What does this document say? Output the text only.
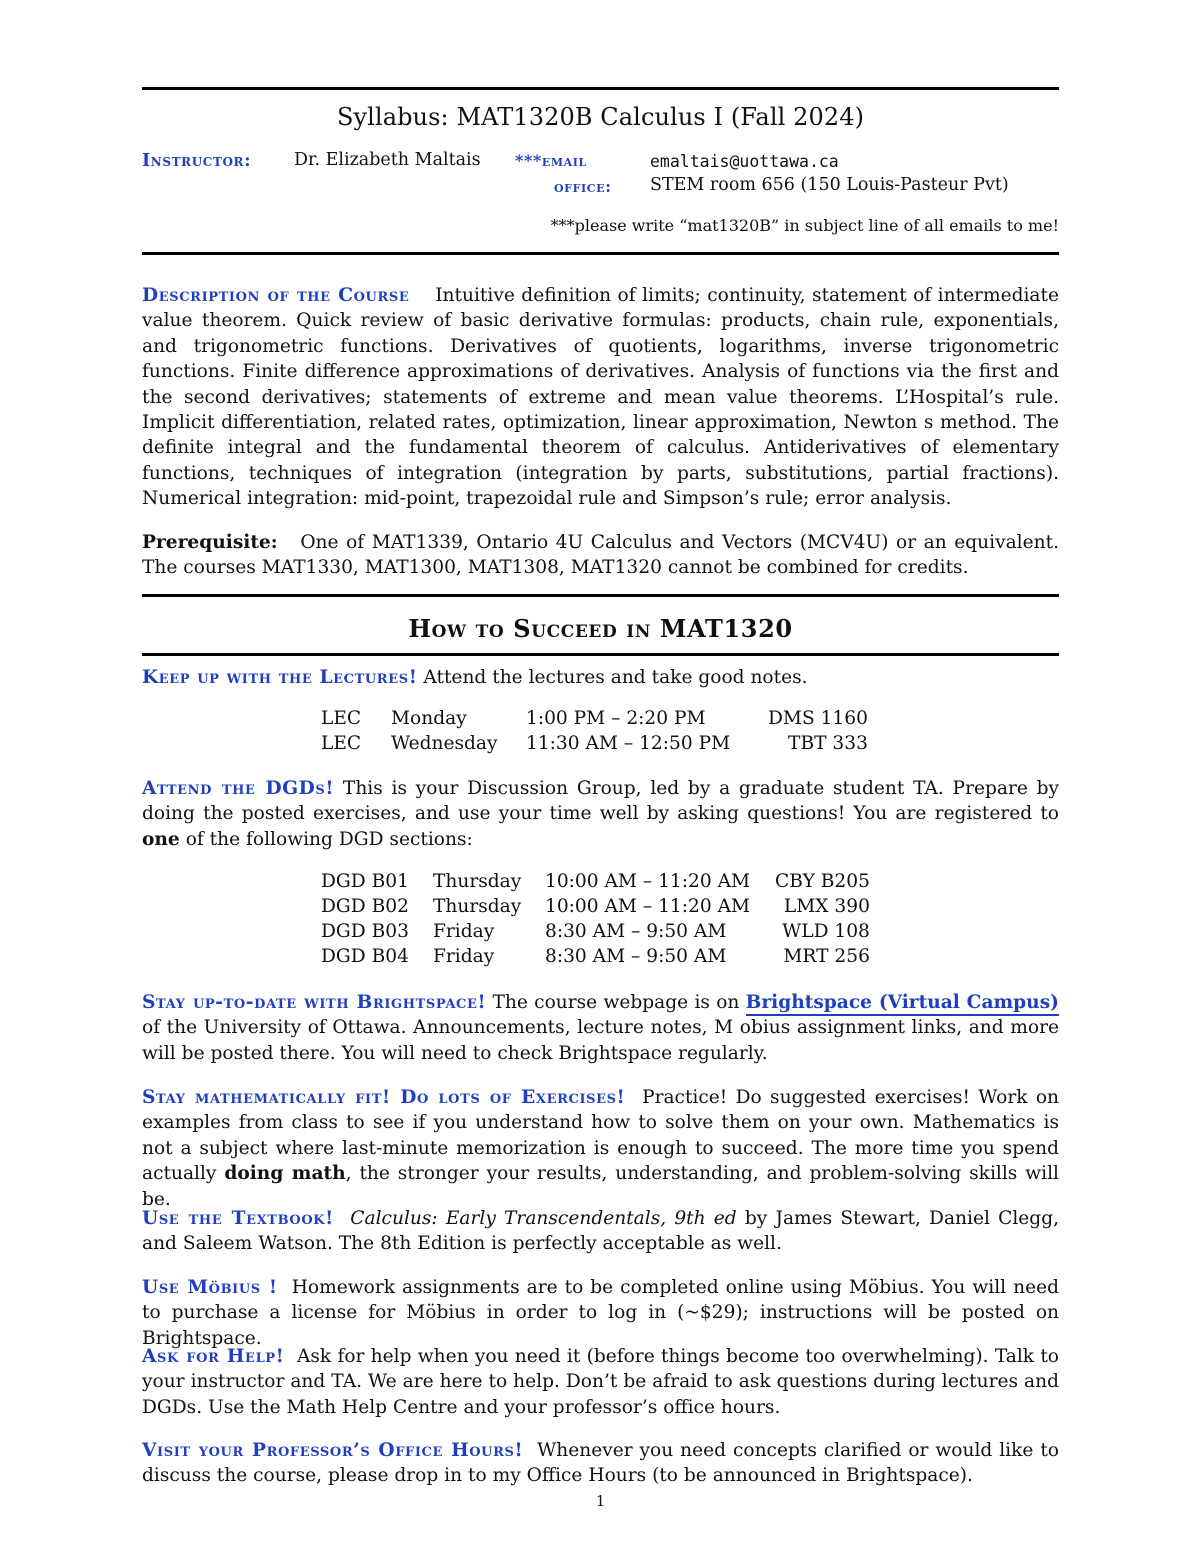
Syllabus: MAT1320B Calculus I (Fall 2024)
Instructor: Dr. Elizabeth Maltais ***email	emaltais@uottawa.ca
office: STEM room 656 (150 Louis-Pasteur Pvt)
***please write “mat1320B” in subject line of all emails to me!
Description of the Course Intuitive definition of limits; continuity, statement of intermediate value theorem. Quick review of basic derivative formulas: products, chain rule, exponentials, and trigonometric functions. Derivatives of quotients, logarithms, inverse trigonometric functions. Finite difference approximations of derivatives. Analysis of functions via the first and the second derivatives; statements of extreme and mean value theorems. L’Hospital’s rule. Implicit differentiation, related rates, optimization, linear approximation, Newton s method. The definite integral and the fundamental theorem of calculus. Antiderivatives of elementary functions, techniques of integration (integration by parts, substitutions, partial fractions). Numerical integration: mid-point, trapezoidal rule and Simpson’s rule; error analysis.
Prerequisite: One of MAT1339, Ontario 4U Calculus and Vectors (MCV4U) or an equivalent. The courses MAT1330, MAT1300, MAT1308, MAT1320 cannot be combined for credits.
How to Succeed in MAT1320
Keep up with the Lectures! Attend the lectures and take good notes.
LEC	Monday	1:00 PM – 2:20 PM	DMS 1160
LEC	Wednesday	11:30 AM – 12:50 PM	TBT 333
Attend the DGDs! This is your Discussion Group, led by a graduate student TA. Prepare by doing the posted exercises, and use your time well by asking questions! You are registered to one of the following DGD sections:
DGD B01	Thursday	10:00 AM – 11:20 AM	CBY B205
DGD B02	Thursday	10:00 AM – 11:20 AM	LMX 390
DGD B03	Friday	8:30 AM – 9:50 AM	WLD 108
DGD B04	Friday	8:30 AM – 9:50 AM	MRT 256
Stay up-to-date with Brightspace! The course webpage is on Brightspace (Virtual Campus) of the University of Ottawa. Announcements, lecture notes, M obius assignment links, and more will be posted there. You will need to check Brightspace regularly.
Stay mathematically fit! Do lots of Exercises! Practice! Do suggested exercises! Work on examples from class to see if you understand how to solve them on your own. Mathematics is not a subject where last-minute memorization is enough to succeed. The more time you spend actually doing math, the stronger your results, understanding, and problem-solving skills will be.
Use the Textbook! Calculus: Early Transcendentals, 9th ed by James Stewart, Daniel Clegg, and Saleem Watson. The 8th Edition is perfectly acceptable as well.
Use Möbius ! Homework assignments are to be completed online using Möbius. You will need to purchase a license for Möbius in order to log in (~$29); instructions will be posted on Brightspace.
Ask for Help! Ask for help when you need it (before things become too overwhelming). Talk to your instructor and TA. We are here to help. Don’t be afraid to ask questions during lectures and DGDs. Use the Math Help Centre and your professor’s office hours.
Visit your Professor’s Office Hours! Whenever you need concepts clarified or would like to discuss the course, please drop in to my Office Hours (to be announced in Brightspace).
1
